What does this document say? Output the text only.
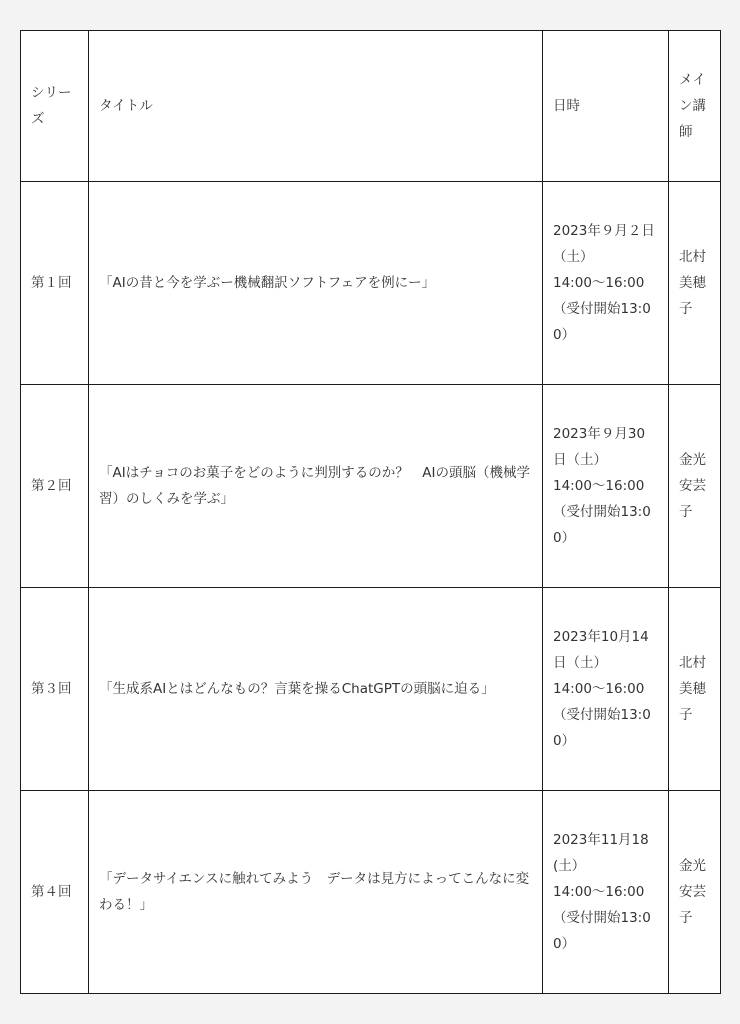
シリーズ	タイトル	日時	メイン講師
第１回	「AIの昔と今を学ぶー機械翻訳ソフトフェアを例にー」	2023年９月２日（土）
14:00〜16:00
（受付開始13:00）	北村美穂子
第２回	「AIはチョコのお菓子をどのように判別するのか？　AIの頭脳（機械学習）のしくみを学ぶ」	2023年９月30日（土）
14:00〜16:00
（受付開始13:00）	金光　安芸子
第３回	「生成系AIとはどんなもの？言葉を操るChatGPTの頭脳に迫る」	2023年10月14日（土）
14:00〜16:00
（受付開始13:00）	北村美穂子
第４回	「データサイエンスに触れてみよう　データは見方によってこんなに変わる！」	2023年11月18(土）
14:00〜16:00
（受付開始13:00）	金光安芸子
